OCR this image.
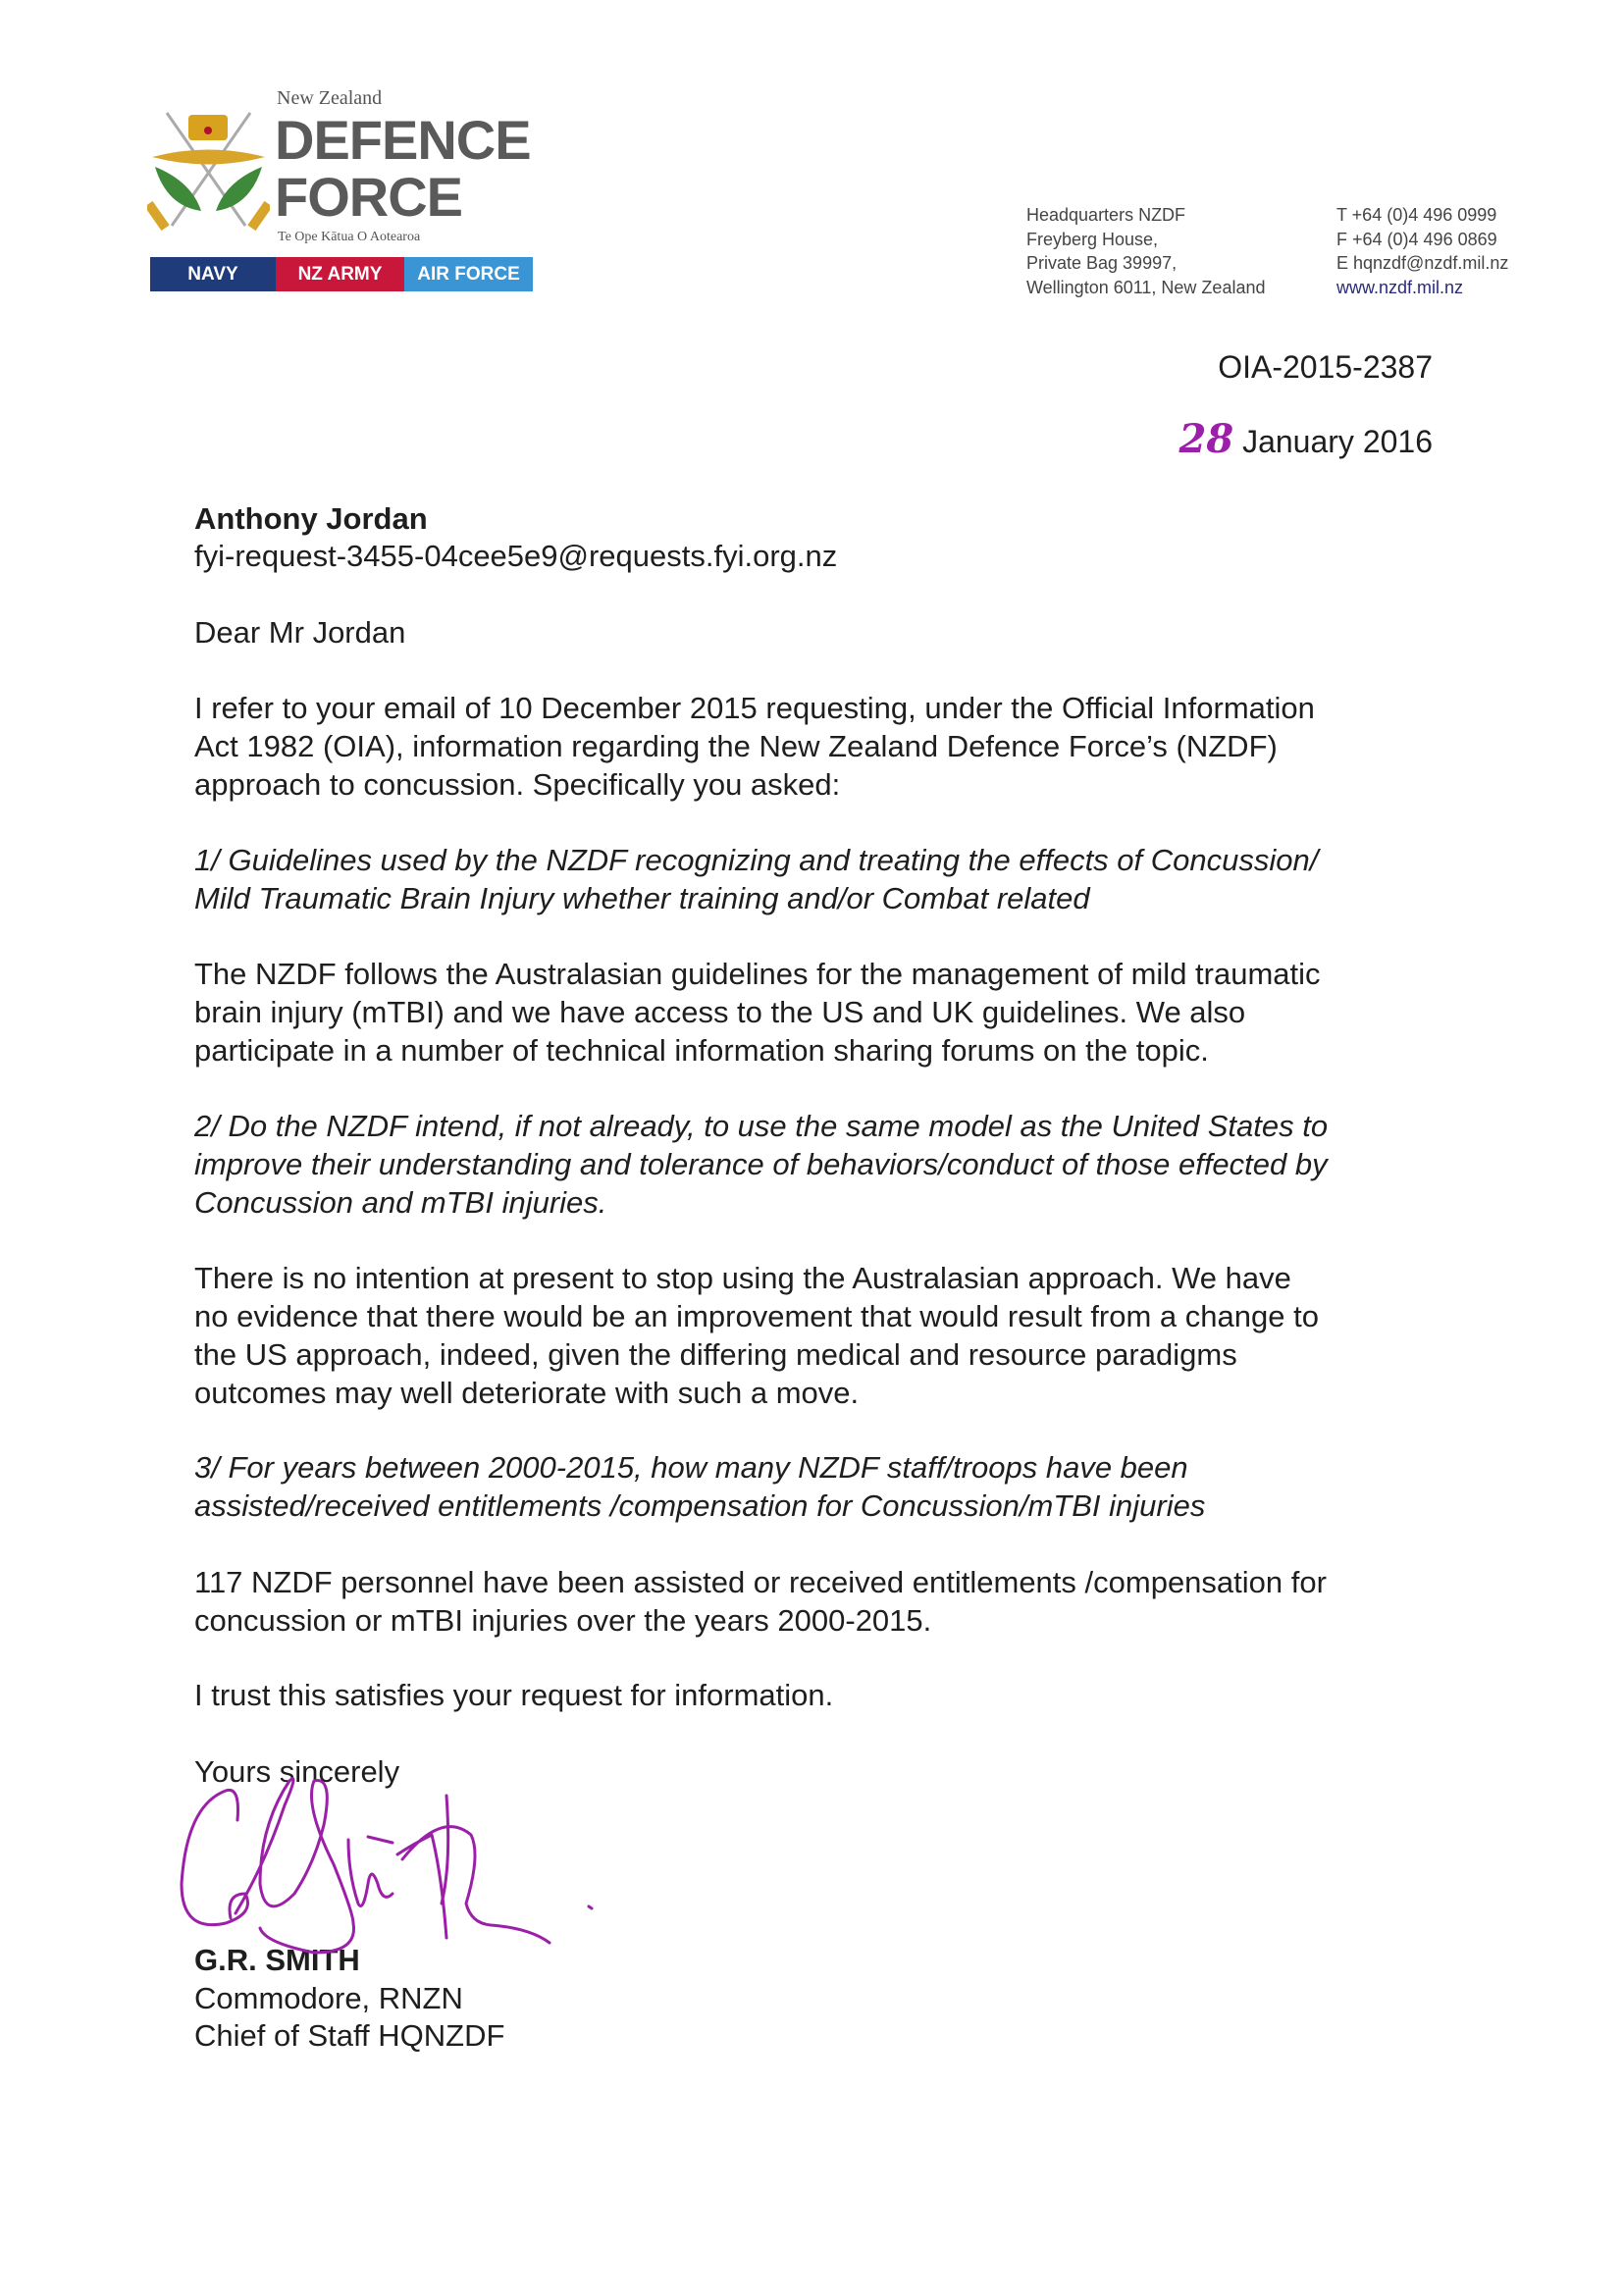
New Zealand
DEFENCE
FORCE
Te Ope Kātua O Aotearoa
NAVY	NZ ARMY	AIR FORCE
Headquarters NZDF
Freyberg House,
Private Bag 39997,
Wellington 6011, New Zealand
T +64 (0)4 496 0999
F +64 (0)4 496 0869
E hqnzdf@nzdf.mil.nz
www.nzdf.mil.nz
OIA-2015-2387
28 January 2016
Anthony Jordan
fyi-request-3455-04cee5e9@requests.fyi.org.nz
Dear Mr Jordan
I refer to your email of 10 December 2015 requesting, under the Official Information
Act 1982 (OIA), information regarding the New Zealand Defence Force’s (NZDF)
approach to concussion. Specifically you asked:
1/ Guidelines used by the NZDF recognizing and treating the effects of Concussion/
Mild Traumatic Brain Injury whether training and/or Combat related
The NZDF follows the Australasian guidelines for the management of mild traumatic
brain injury (mTBI) and we have access to the US and UK guidelines. We also
participate in a number of technical information sharing forums on the topic.
2/ Do the NZDF intend, if not already, to use the same model as the United States to
improve their understanding and tolerance of behaviors/conduct of those effected by
Concussion and mTBI injuries.
There is no intention at present to stop using the Australasian approach. We have
no evidence that there would be an improvement that would result from a change to
the US approach, indeed, given the differing medical and resource paradigms
outcomes may well deteriorate with such a move.
3/ For years between 2000-2015, how many NZDF staff/troops have been
assisted/received entitlements /compensation for Concussion/mTBI injuries
117 NZDF personnel have been assisted or received entitlements /compensation for
concussion or mTBI injuries over the years 2000-2015.
I trust this satisfies your request for information.
Yours sincerely
G.R. SMITH
Commodore, RNZN
Chief of Staff HQNZDF
